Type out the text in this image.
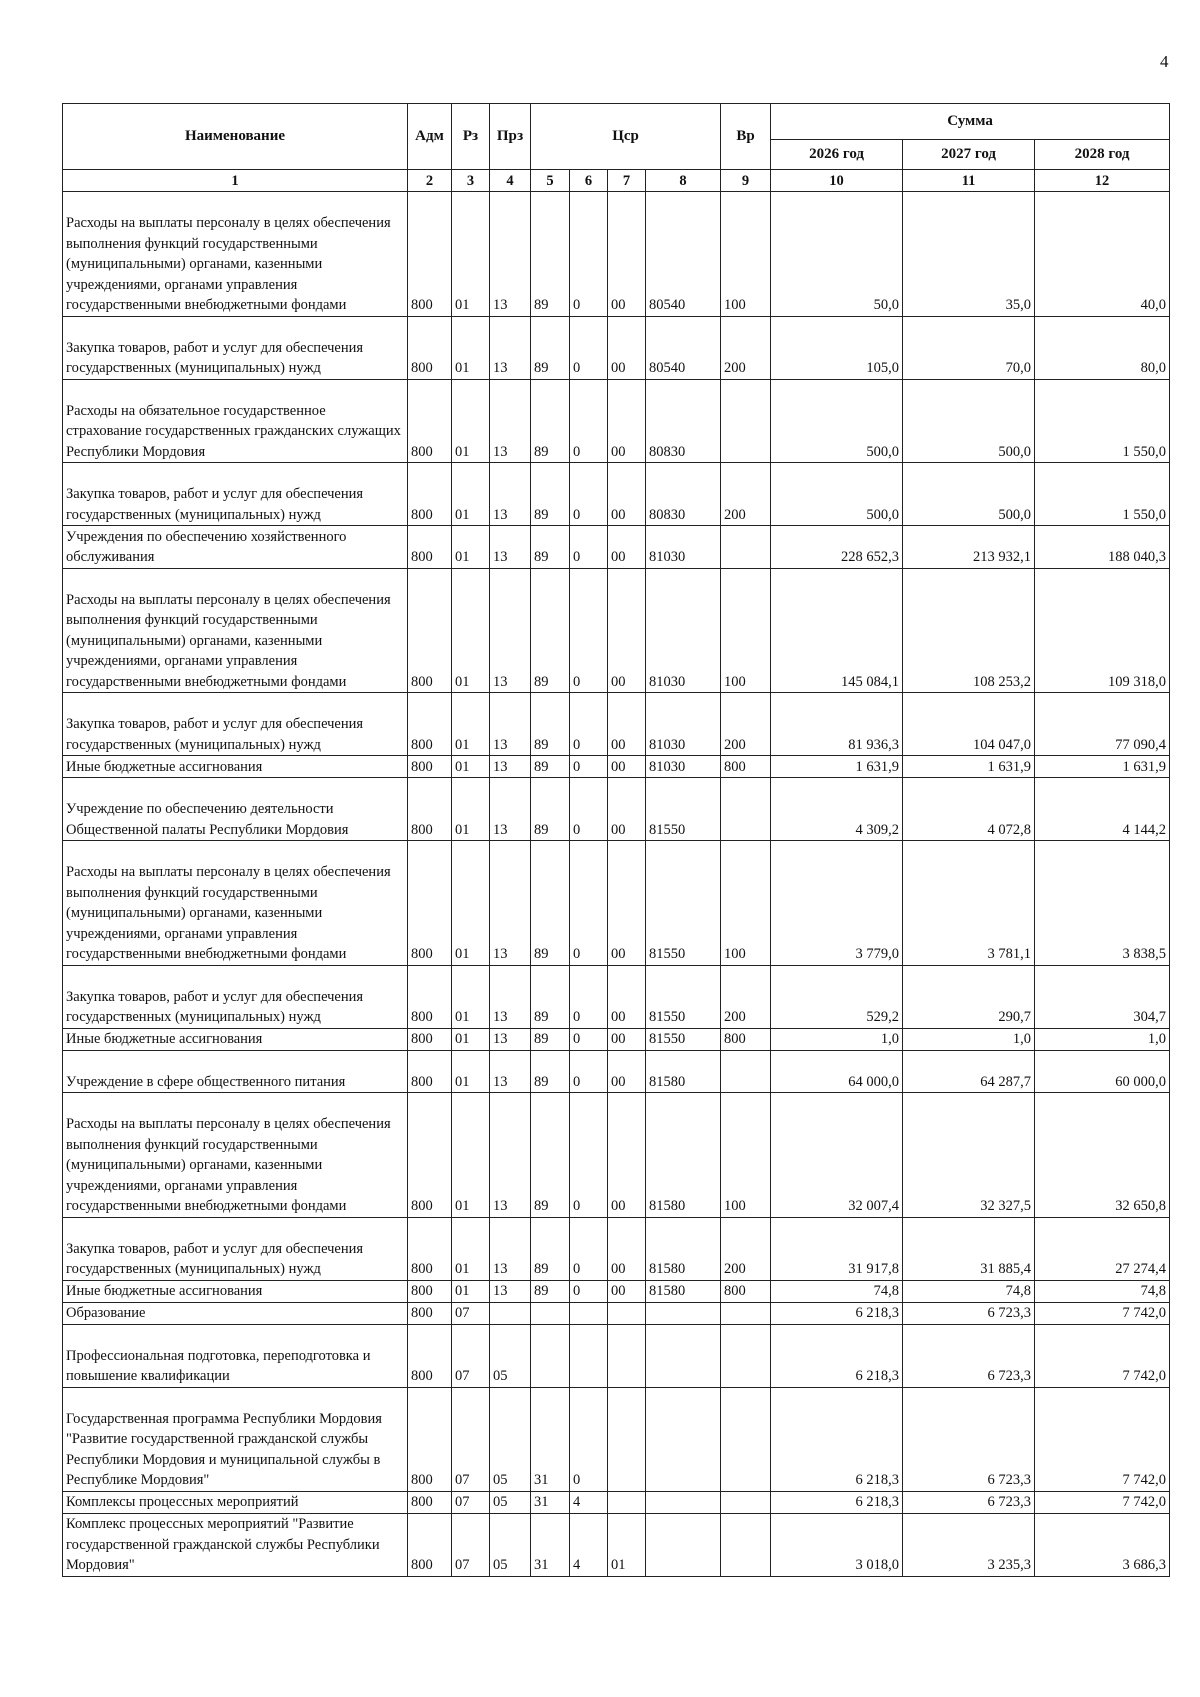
4
Наименование	Адм	Рз	Прз	Цср				Вр	Сумма		
									2026 год	2027 год	2028 год
1	2	3	4	5	6	7	8	9	10	11	12
Расходы на выплаты персоналу в целях обеспечения выполнения функций государственными (муниципальными) органами, казенными учреждениями, органами управления государственными внебюджетными фондами	800	01	13	89	0	00	80540	100	50,0	35,0	40,0
Закупка товаров, работ и услуг для обеспечения государственных (муниципальных) нужд	800	01	13	89	0	00	80540	200	105,0	70,0	80,0
Расходы на обязательное государственное страхование государственных гражданских служащих Республики Мордовия	800	01	13	89	0	00	80830		500,0	500,0	1 550,0
Закупка товаров, работ и услуг для обеспечения государственных (муниципальных) нужд	800	01	13	89	0	00	80830	200	500,0	500,0	1 550,0
Учреждения по обеспечению хозяйственного обслуживания	800	01	13	89	0	00	81030		228 652,3	213 932,1	188 040,3
Расходы на выплаты персоналу в целях обеспечения выполнения функций государственными (муниципальными) органами, казенными учреждениями, органами управления государственными внебюджетными фондами	800	01	13	89	0	00	81030	100	145 084,1	108 253,2	109 318,0
Закупка товаров, работ и услуг для обеспечения государственных (муниципальных) нужд	800	01	13	89	0	00	81030	200	81 936,3	104 047,0	77 090,4
Иные бюджетные ассигнования	800	01	13	89	0	00	81030	800	1 631,9	1 631,9	1 631,9
Учреждение по обеспечению деятельности Общественной палаты Республики Мордовия	800	01	13	89	0	00	81550		4 309,2	4 072,8	4 144,2
Расходы на выплаты персоналу в целях обеспечения выполнения функций государственными (муниципальными) органами, казенными учреждениями, органами управления государственными внебюджетными фондами	800	01	13	89	0	00	81550	100	3 779,0	3 781,1	3 838,5
Закупка товаров, работ и услуг для обеспечения государственных (муниципальных) нужд	800	01	13	89	0	00	81550	200	529,2	290,7	304,7
Иные бюджетные ассигнования	800	01	13	89	0	00	81550	800	1,0	1,0	1,0
Учреждение в сфере общественного питания	800	01	13	89	0	00	81580		64 000,0	64 287,7	60 000,0
Расходы на выплаты персоналу в целях обеспечения выполнения функций государственными (муниципальными) органами, казенными учреждениями, органами управления государственными внебюджетными фондами	800	01	13	89	0	00	81580	100	32 007,4	32 327,5	32 650,8
Закупка товаров, работ и услуг для обеспечения государственных (муниципальных) нужд	800	01	13	89	0	00	81580	200	31 917,8	31 885,4	27 274,4
Иные бюджетные ассигнования	800	01	13	89	0	00	81580	800	74,8	74,8	74,8
Образование	800	07							6 218,3	6 723,3	7 742,0
Профессиональная подготовка, переподготовка и повышение квалификации	800	07	05						6 218,3	6 723,3	7 742,0
Государственная программа Республики Мордовия "Развитие государственной гражданской службы Республики Мордовия и муниципальной службы в Республике Мордовия"	800	07	05	31	0				6 218,3	6 723,3	7 742,0
Комплексы процессных мероприятий	800	07	05	31	4				6 218,3	6 723,3	7 742,0
Комплекс процессных мероприятий "Развитие государственной гражданской службы Республики Мордовия"	800	07	05	31	4	01			3 018,0	3 235,3	3 686,3
